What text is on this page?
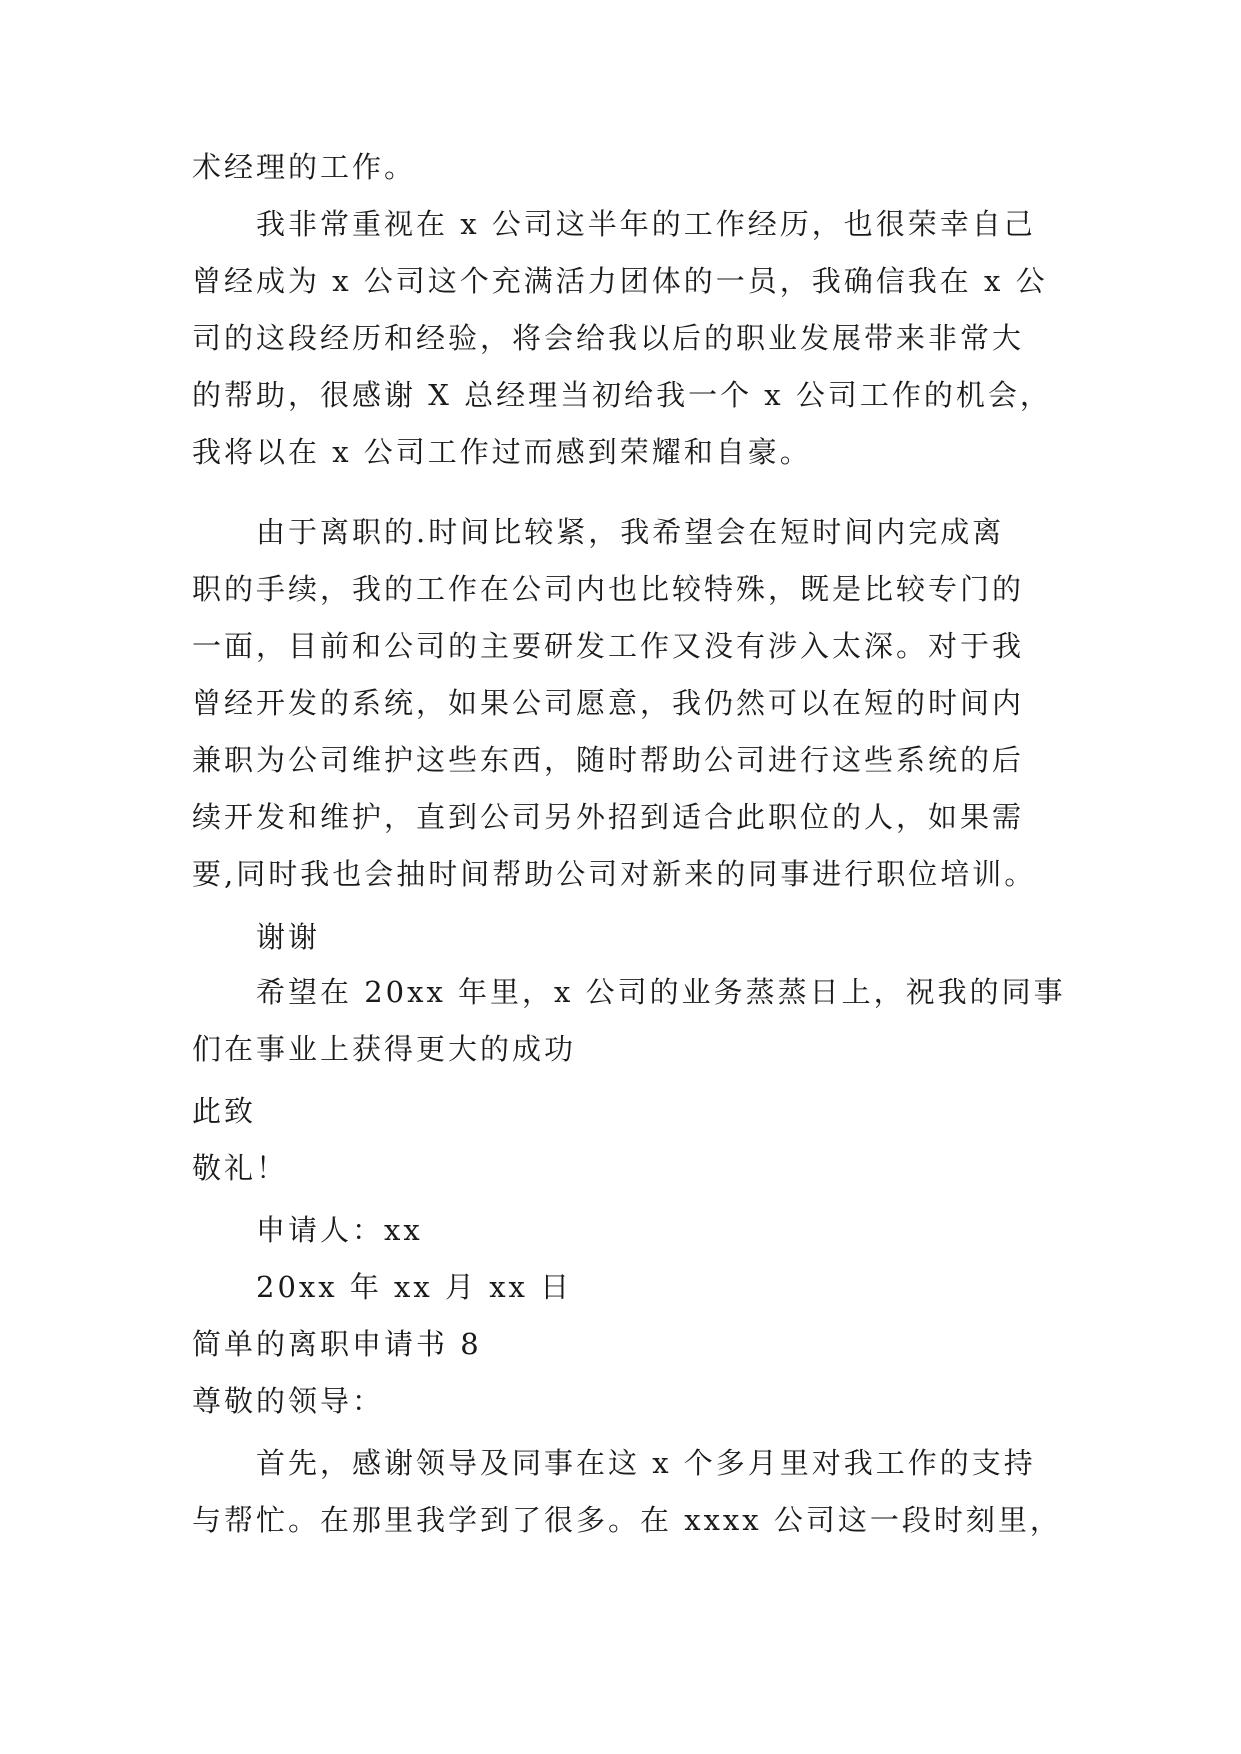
术经理的工作。
我非常重视在 x 公司这半年的工作经历，也很荣幸自己
曾经成为 x 公司这个充满活力团体的一员，我确信我在 x 公
司的这段经历和经验，将会给我以后的职业发展带来非常大
的帮助，很感谢 X 总经理当初给我一个 x 公司工作的机会，
我将以在 x 公司工作过而感到荣耀和自豪。
由于离职的.时间比较紧，我希望会在短时间内完成离
职的手续，我的工作在公司内也比较特殊，既是比较专门的
一面，目前和公司的主要研发工作又没有涉入太深。对于我
曾经开发的系统，如果公司愿意，我仍然可以在短的时间内
兼职为公司维护这些东西，随时帮助公司进行这些系统的后
续开发和维护，直到公司另外招到适合此职位的人，如果需
要,同时我也会抽时间帮助公司对新来的同事进行职位培训。
谢谢
希望在 20xx 年里，x 公司的业务蒸蒸日上，祝我的同事
们在事业上获得更大的成功
此致
敬礼！
申请人：xx
20xx 年 xx 月 xx 日
简单的离职申请书 8
尊敬的领导：
首先，感谢领导及同事在这 x 个多月里对我工作的支持
与帮忙。在那里我学到了很多。在 xxxx 公司这一段时刻里，
